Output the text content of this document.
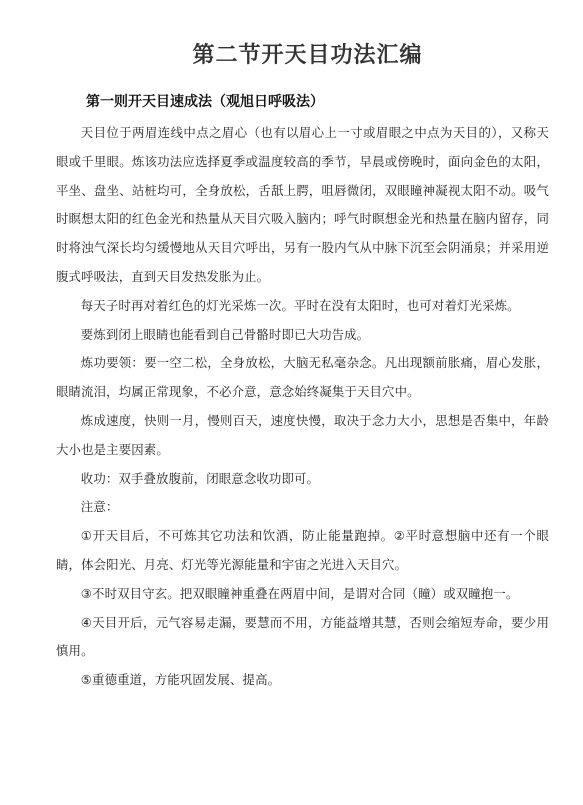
第二节开天目功法汇编
第一则开天目速成法（观旭日呼吸法）

天目位于两眉连线中点之眉心（也有以眉心上一寸或眉眼之中点为天目的），又称天眼或千里眼。炼该功法应选择夏季或温度较高的季节，早晨或傍晚时，面向金色的太阳，平坐、盘坐、站桩均可，全身放松，舌舐上腭，咀唇微闭，双眼瞳神凝视太阳不动。吸气时瞑想太阳的红色金光和热量从天目穴吸入脑内；呼气时瞑想金光和热量在脑内留存，同时将浊气深长均匀缓慢地从天目穴呼出，另有一股内气从中脉下沉至会阴涌泉；并采用逆腹式呼吸法，直到天目发热发胀为止。

每天子时再对着红色的灯光采炼一次。平时在没有太阳时，也可对着灯光采炼。

要炼到闭上眼睛也能看到自己骨骼时即已大功告成。

炼功要领：要一空二松，全身放松，大脑无私毫杂念。凡出现额前胀痛，眉心发胀，眼睛流泪，均属正常现象，不必介意，意念始终凝集于天目穴中。

炼成速度，快则一月，慢则百天，速度快慢，取决于念力大小，思想是否集中，年龄大小也是主要因素。

收功：双手叠放腹前，闭眼意念收功即可。

注意：

①开天目后，不可炼其它功法和饮酒，防止能量跑掉。②平时意想脑中还有一个眼睛，体会阳光、月亮、灯光等光源能量和宇宙之光进入天目穴。

③不时双目守玄。把双眼瞳神重叠在两眉中间，是谓对合同（瞳）或双瞳抱一。

④天目开后，元气容易走漏，要慧而不用，方能益增其慧，否则会缩短寿命，要少用慎用。

⑤重德重道，方能巩固发展、提高。
